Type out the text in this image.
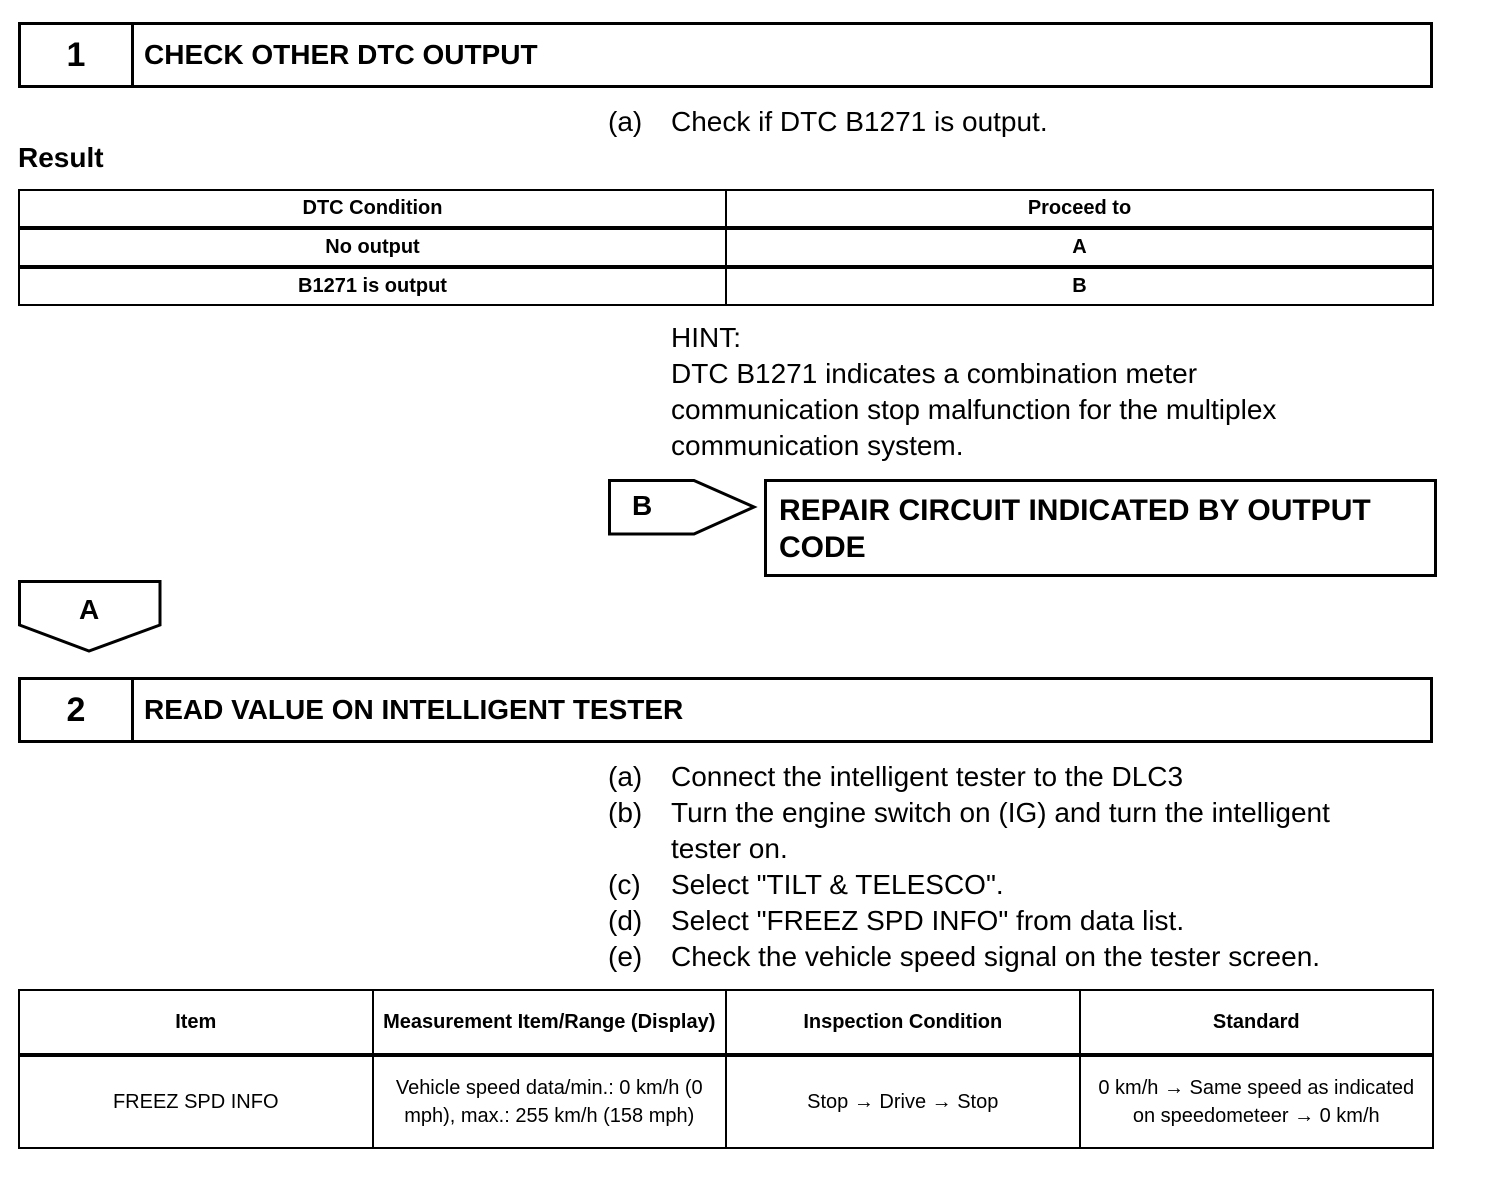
1	CHECK OTHER DTC OUTPUT
(a)	Check if DTC B1271 is output.
Result
DTC Condition	Proceed to
No output	A
B1271 is output	B
HINT:
DTC B1271 indicates a combination meter
communication stop malfunction for the multiplex
communication system.
B	REPAIR CIRCUIT INDICATED BY OUTPUT
CODE
A
2	READ VALUE ON INTELLIGENT TESTER
(a)	Connect the intelligent tester to the DLC3
(b)	Turn the engine switch on (IG) and turn the intelligent
tester on.
(c)	Select "TILT & TELESCO".
(d)	Select "FREEZ SPD INFO" from data list.
(e)	Check the vehicle speed signal on the tester screen.
Item	Measurement Item/Range (Display)	Inspection Condition	Standard
FREEZ SPD INFO	Vehicle speed data/min.: 0 km/h (0 mph), max.: 255 km/h (158 mph)	Stop → Drive → Stop	0 km/h → Same speed as indicated on speedometeer → 0 km/h
